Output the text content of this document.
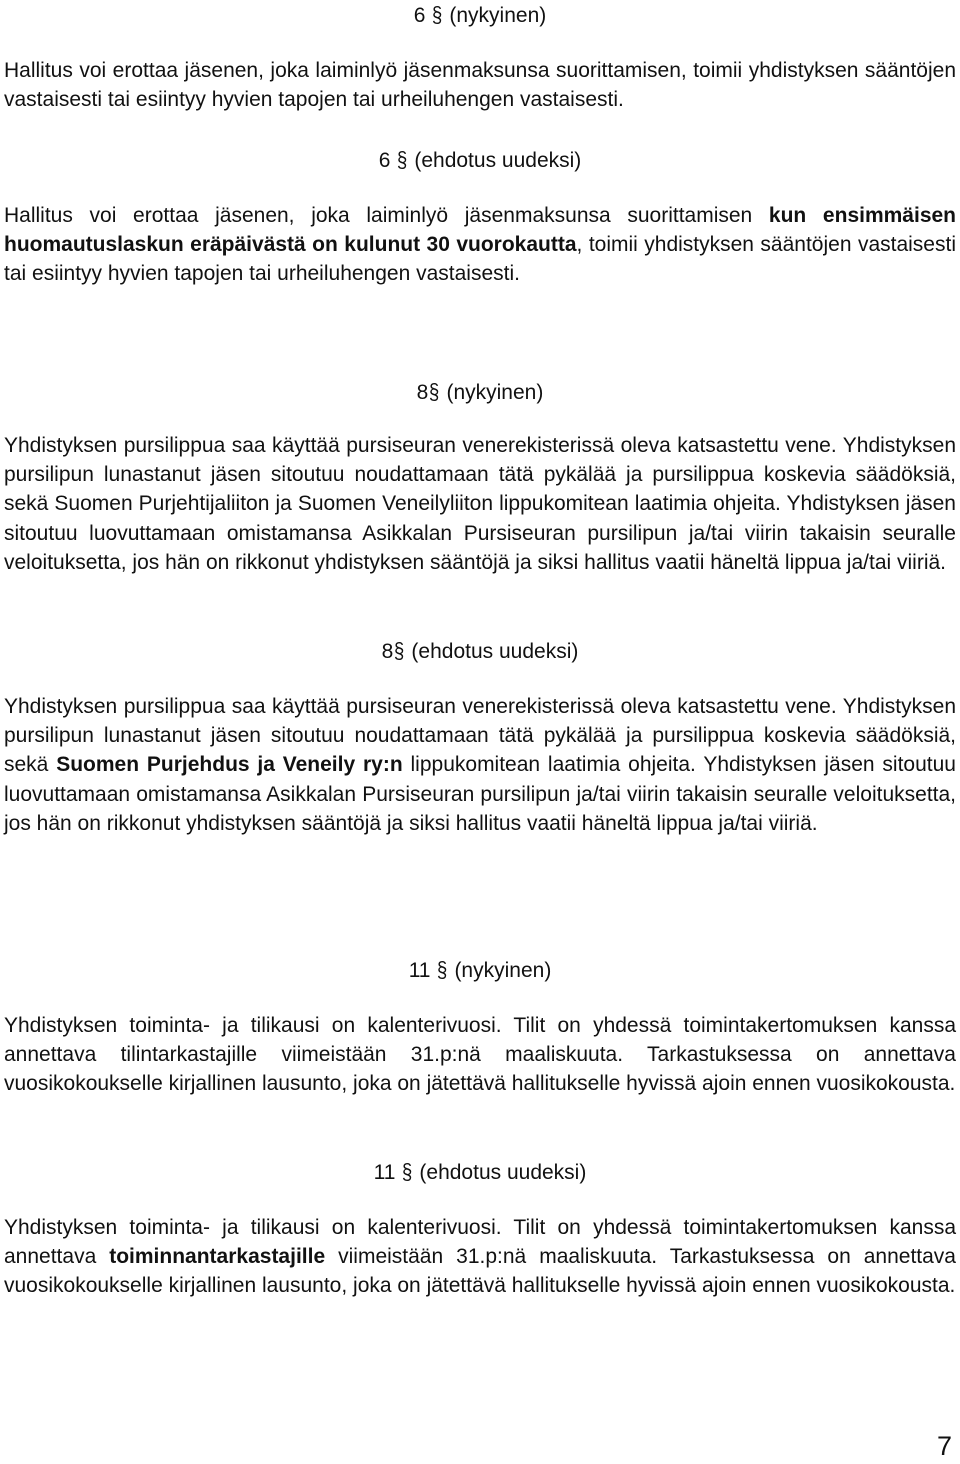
6 § (nykyinen)
Hallitus voi erottaa jäsenen, joka laiminlyö jäsenmaksunsa suorittamisen, toimii yhdistyksen sääntöjen vastaisesti tai esiintyy hyvien tapojen tai urheiluhengen vastaisesti.
6 § (ehdotus uudeksi)
Hallitus voi erottaa jäsenen, joka laiminlyö jäsenmaksunsa suorittamisen kun ensimmäisen huomautuslaskun eräpäivästä on kulunut 30 vuorokautta, toimii yhdistyksen sääntöjen vastaisesti tai esiintyy hyvien tapojen tai urheiluhengen vastaisesti.
8§ (nykyinen)
Yhdistyksen pursilippua saa käyttää pursiseuran venerekisterissä oleva katsastettu vene. Yhdistyksen pursilipun lunastanut jäsen sitoutuu noudattamaan tätä pykälää ja pursilippua koskevia säädöksiä, sekä Suomen Purjehtijaliiton ja Suomen Veneilyliiton lippukomitean laatimia ohjeita. Yhdistyksen jäsen sitoutuu luovuttamaan omistamansa Asikkalan Pursiseuran pursilipun ja/tai viirin takaisin seuralle veloituksetta, jos hän on rikkonut yhdistyksen sääntöjä ja siksi hallitus vaatii häneltä lippua ja/tai viiriä.
8§ (ehdotus uudeksi)
Yhdistyksen pursilippua saa käyttää pursiseuran venerekisterissä oleva katsastettu vene. Yhdistyksen pursilipun lunastanut jäsen sitoutuu noudattamaan tätä pykälää ja pursilippua koskevia säädöksiä, sekä Suomen Purjehdus ja Veneily ry:n lippukomitean laatimia ohjeita. Yhdistyksen jäsen sitoutuu luovuttamaan omistamansa Asikkalan Pursiseuran pursilipun ja/tai viirin takaisin seuralle veloituksetta, jos hän on rikkonut yhdistyksen sääntöjä ja siksi hallitus vaatii häneltä lippua ja/tai viiriä.
11 § (nykyinen)
Yhdistyksen toiminta- ja tilikausi on kalenterivuosi. Tilit on yhdessä toimintakertomuksen kanssa annettava tilintarkastajille viimeistään 31.p:nä maaliskuuta. Tarkastuksessa on annettava vuosikokoukselle kirjallinen lausunto, joka on jätettävä hallitukselle hyvissä ajoin ennen vuosikokousta.
11 § (ehdotus uudeksi)
Yhdistyksen toiminta- ja tilikausi on kalenterivuosi. Tilit on yhdessä toimintakertomuksen kanssa annettava toiminnantarkastajille viimeistään 31.p:nä maaliskuuta. Tarkastuksessa on annettava vuosikokoukselle kirjallinen lausunto, joka on jätettävä hallitukselle hyvissä ajoin ennen vuosikokousta.
7
